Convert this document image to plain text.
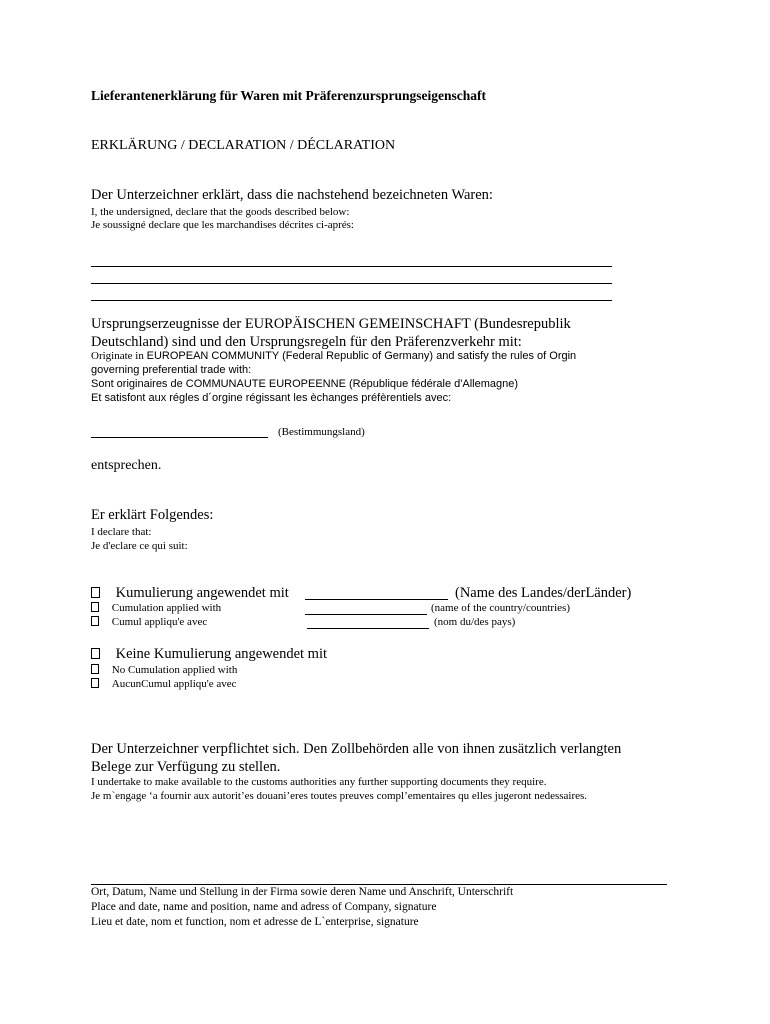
Lieferantenerklärung für Waren mit Präferenzursprungseigenschaft
ERKLÄRUNG / DECLARATION / DÉCLARATION
Der Unterzeichner erklärt, dass die nachstehend bezeichneten Waren:
I, the undersigned, declare that the goods described below:
Je soussigné declare que les marchandises décrites ci-aprés:
Ursprungserzeugnisse der EUROPÄISCHEN GEMEINSCHAFT (Bundesrepublik
Deutschland) sind und den Ursprungsregeln für den Präferenzverkehr mit:
Originate in EUROPEAN COMMUNITY (Federal Republic of Germany) and satisfy the rules of Orgin
governing preferential trade with:
Sont originaires de COMMUNAUTE EUROPEENNE (République fédérale d'Allemagne)
Et satisfont aux régles d´orgine régissant les èchanges préfèrentiels avec:
(Bestimmungsland)
entsprechen.
Er erklärt Folgendes:
I declare that:
Je d'eclare ce qui suit:
Kumulierung angewendet mit	(Name des Landes/derLänder)
Cumulation applied with	(name of the country/countries)
Cumul appliqu'e avec	(nom du/des pays)
Keine Kumulierung angewendet mit
No Cumulation applied with
AucunCumul appliqu'e avec
Der Unterzeichner verpflichtet sich. Den Zollbehörden alle von ihnen zusätzlich verlangten
Belege zur Verfügung zu stellen.
I undertake to make available to the customs authorities any further supporting documents they require.
Je m`engage ‘a fournir aux autorit’es douani’eres toutes preuves compl’ementaires qu elles jugeront nedessaires.
Ort, Datum, Name und Stellung in der Firma sowie deren Name und Anschrift, Unterschrift
Place and date, name and position, name and adress of Company, signature
Lieu et date, nom et function, nom et adresse de L`enterprise, signature
